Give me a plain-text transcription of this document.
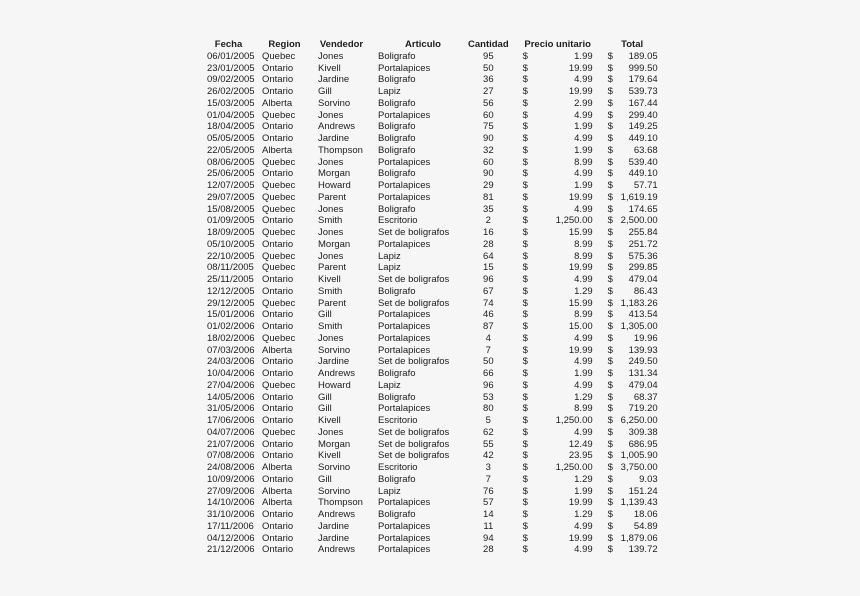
Fecha	Region	Vendedor	Articulo	Cantidad	Precio unitario	Total
06/01/2005	Quebec	Jones	Boligrafo	95	$ 1.99	$ 189.05

23/01/2005	Ontario	Kivell	Portalapices	50	$ 19.99	$ 999.50

09/02/2005	Ontario	Jardine	Boligrafo	36	$ 4.99	$ 179.64

26/02/2005	Ontario	Gill	Lapiz	27	$ 19.99	$ 539.73

15/03/2005	Alberta	Sorvino	Boligrafo	56	$ 2.99	$ 167.44

01/04/2005	Quebec	Jones	Portalapices	60	$ 4.99	$ 299.40

18/04/2005	Ontario	Andrews	Boligrafo	75	$ 1.99	$ 149.25

05/05/2005	Ontario	Jardine	Boligrafo	90	$ 4.99	$ 449.10

22/05/2005	Alberta	Thompson	Boligrafo	32	$ 1.99	$ 63.68

08/06/2005	Quebec	Jones	Portalapices	60	$ 8.99	$ 539.40

25/06/2005	Ontario	Morgan	Boligrafo	90	$ 4.99	$ 449.10

12/07/2005	Quebec	Howard	Portalapices	29	$ 1.99	$ 57.71

29/07/2005	Quebec	Parent	Portalapices	81	$ 19.99	$ 1,619.19

15/08/2005	Quebec	Jones	Boligrafo	35	$ 4.99	$ 174.65

01/09/2005	Ontario	Smith	Escritorio	2	$ 1,250.00	$ 2,500.00

18/09/2005	Quebec	Jones	Set de boligrafos	16	$ 15.99	$ 255.84

05/10/2005	Ontario	Morgan	Portalapices	28	$ 8.99	$ 251.72

22/10/2005	Quebec	Jones	Lapiz	64	$ 8.99	$ 575.36

08/11/2005	Quebec	Parent	Lapiz	15	$ 19.99	$ 299.85

25/11/2005	Ontario	Kivell	Set de boligrafos	96	$ 4.99	$ 479.04

12/12/2005	Ontario	Smith	Boligrafo	67	$ 1.29	$ 86.43

29/12/2005	Quebec	Parent	Set de boligrafos	74	$ 15.99	$ 1,183.26

15/01/2006	Ontario	Gill	Portalapices	46	$ 8.99	$ 413.54

01/02/2006	Ontario	Smith	Portalapices	87	$ 15.00	$ 1,305.00

18/02/2006	Quebec	Jones	Portalapices	4	$ 4.99	$ 19.96

07/03/2006	Alberta	Sorvino	Portalapices	7	$ 19.99	$ 139.93

24/03/2006	Ontario	Jardine	Set de boligrafos	50	$ 4.99	$ 249.50

10/04/2006	Ontario	Andrews	Boligrafo	66	$ 1.99	$ 131.34

27/04/2006	Quebec	Howard	Lapiz	96	$ 4.99	$ 479.04

14/05/2006	Ontario	Gill	Boligrafo	53	$ 1.29	$ 68.37

31/05/2006	Ontario	Gill	Portalapices	80	$ 8.99	$ 719.20

17/06/2006	Ontario	Kivell	Escritorio	5	$ 1,250.00	$ 6,250.00

04/07/2006	Quebec	Jones	Set de boligrafos	62	$ 4.99	$ 309.38

21/07/2006	Ontario	Morgan	Set de boligrafos	55	$ 12.49	$ 686.95

07/08/2006	Ontario	Kivell	Set de boligrafos	42	$ 23.95	$ 1,005.90

24/08/2006	Alberta	Sorvino	Escritorio	3	$ 1,250.00	$ 3,750.00

10/09/2006	Ontario	Gill	Boligrafo	7	$ 1.29	$ 9.03

27/09/2006	Alberta	Sorvino	Lapiz	76	$ 1.99	$ 151.24

14/10/2006	Alberta	Thompson	Portalapices	57	$ 19.99	$ 1,139.43

31/10/2006	Ontario	Andrews	Boligrafo	14	$ 1.29	$ 18.06

17/11/2006	Ontario	Jardine	Portalapices	11	$ 4.99	$ 54.89

04/12/2006	Ontario	Jardine	Portalapices	94	$ 19.99	$ 1,879.06

21/12/2006	Ontario	Andrews	Portalapices	28	$ 4.99	$ 139.72
